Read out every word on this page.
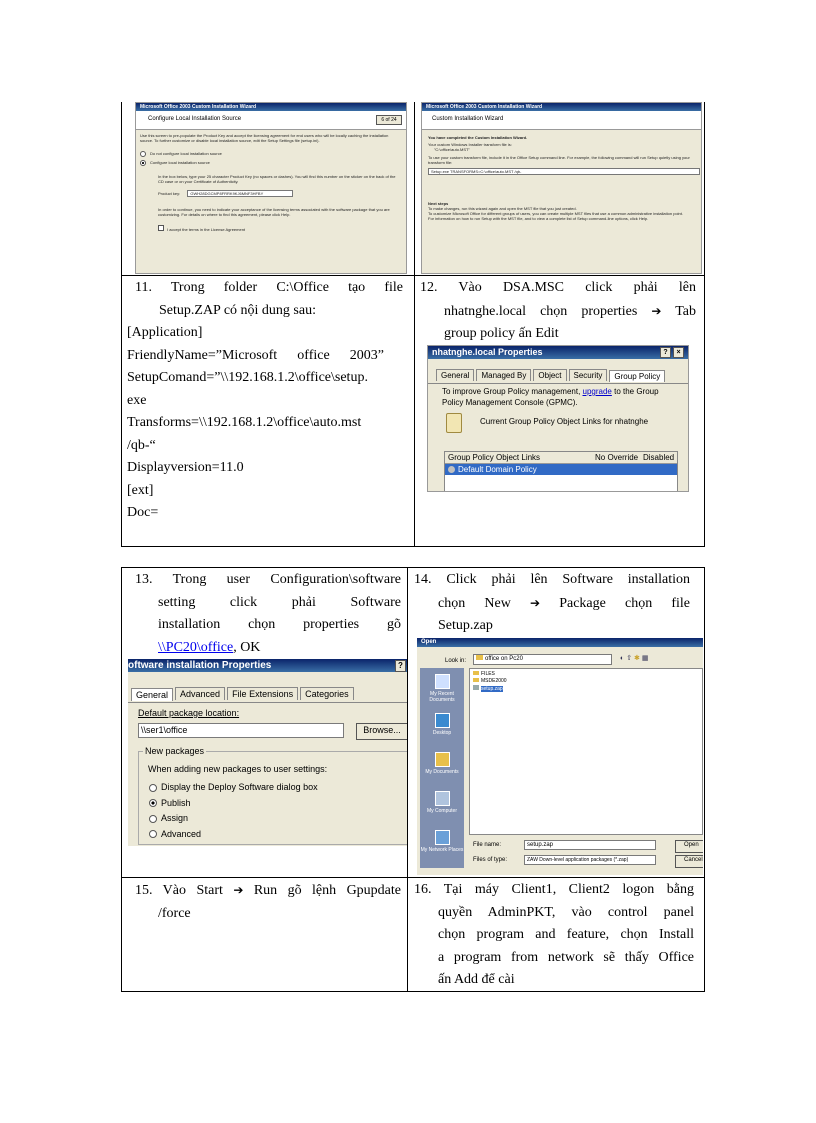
Microsoft Office 2003 Custom Installation Wizard
Configure Local Installation Source	6 of 24
Use this screen to pre-populate the Product Key and accept the licensing agreement for end users who will be locally caching the installation source. To further customize or disable local installation source, edit the Setup Settings file (setup.ini).
Do not configure local installation source
Configure local installation source
In the box below, type your 25 character Product Key (no spaces or dashes). You will find this number on the sticker on the back of the CD case or on your Certificate of Authenticity.
Product key:	GWH28DGCMP8FRRK9KJ6MNF3HFBY
In order to continue, you need to indicate your acceptance of the licensing terms associated with the software package that you are customizing. For details on where to find this agreement, please click Help.
I accept the terms in the License Agreement
Microsoft Office 2003 Custom Installation Wizard
Custom Installation Wizard
You have completed the Custom Installation Wizard.
Your custom Windows Installer transform file is:
"C:\office\auto.MST"
To use your custom transform file, include it in the Office Setup command line. For example, the following command will run Setup quietly using your transform file:
Setup.exe TRANSFORMS=C:\office\auto.MST /qb-
Next steps
To make changes, run this wizard again and open the MST file that you just created.
To customize Microsoft Office for different groups of users, you can create multiple MST files that use a common administrative installation point.
For information on how to run Setup with the MST file, and to view a complete list of Setup command-line options, click Help.
11. Trong folder C:\Office tạo file
Setup.ZAP có nội dung sau:
[Application]
FriendlyName=”Microsoft office 2003”
SetupComand=”\\192.168.1.2\office\setup.
exe
Transforms=\\192.168.1.2\office\auto.mst
/qb-“
Displayversion=11.0
[ext]
Doc=
12. Vào DSA.MSC click phải lên
nhatnghe.local chọn properties ➔ Tab
group policy ấn Edit
nhatnghe.local Properties	?	×
General Managed By Object Security Group Policy
To improve Group Policy management, upgrade to the Group Policy Management Console (GPMC).
Current Group Policy Object Links for nhatnghe
Group Policy Object Links	No Override Disabled
Default Domain Policy
13. Trong user Configuration\software
setting click phải Software
installation chọn properties gõ
\\PC20\office, OK
oftware installation Properties	?
General Advanced File Extensions Categories
Default package location:
\\ser1\office	Browse...
New packages
When adding new packages to user settings:
Display the Deploy Software dialog box
Publish
Assign
Advanced
14. Click phải lên Software installation
chọn New ➔ Package chọn file
Setup.zap
Open
Look in:	office on Pc20	◐ ⇧ ✱ ▦
My Recent Documents
Desktop
My Documents
My Computer
My Network Places
FILES
MSDE2000
setup.zap
File name:	setup.zap
Files of type:	ZAW Down-level application packages (*.zap)
Open
Cancel
15. Vào Start ➔ Run gõ lệnh Gpupdate
/force
16. Tại máy Client1, Client2 logon bằng
quyền AdminPKT, vào control panel
chọn program and feature, chọn Install
a program from network sẽ thấy Office
ấn Add để cài
